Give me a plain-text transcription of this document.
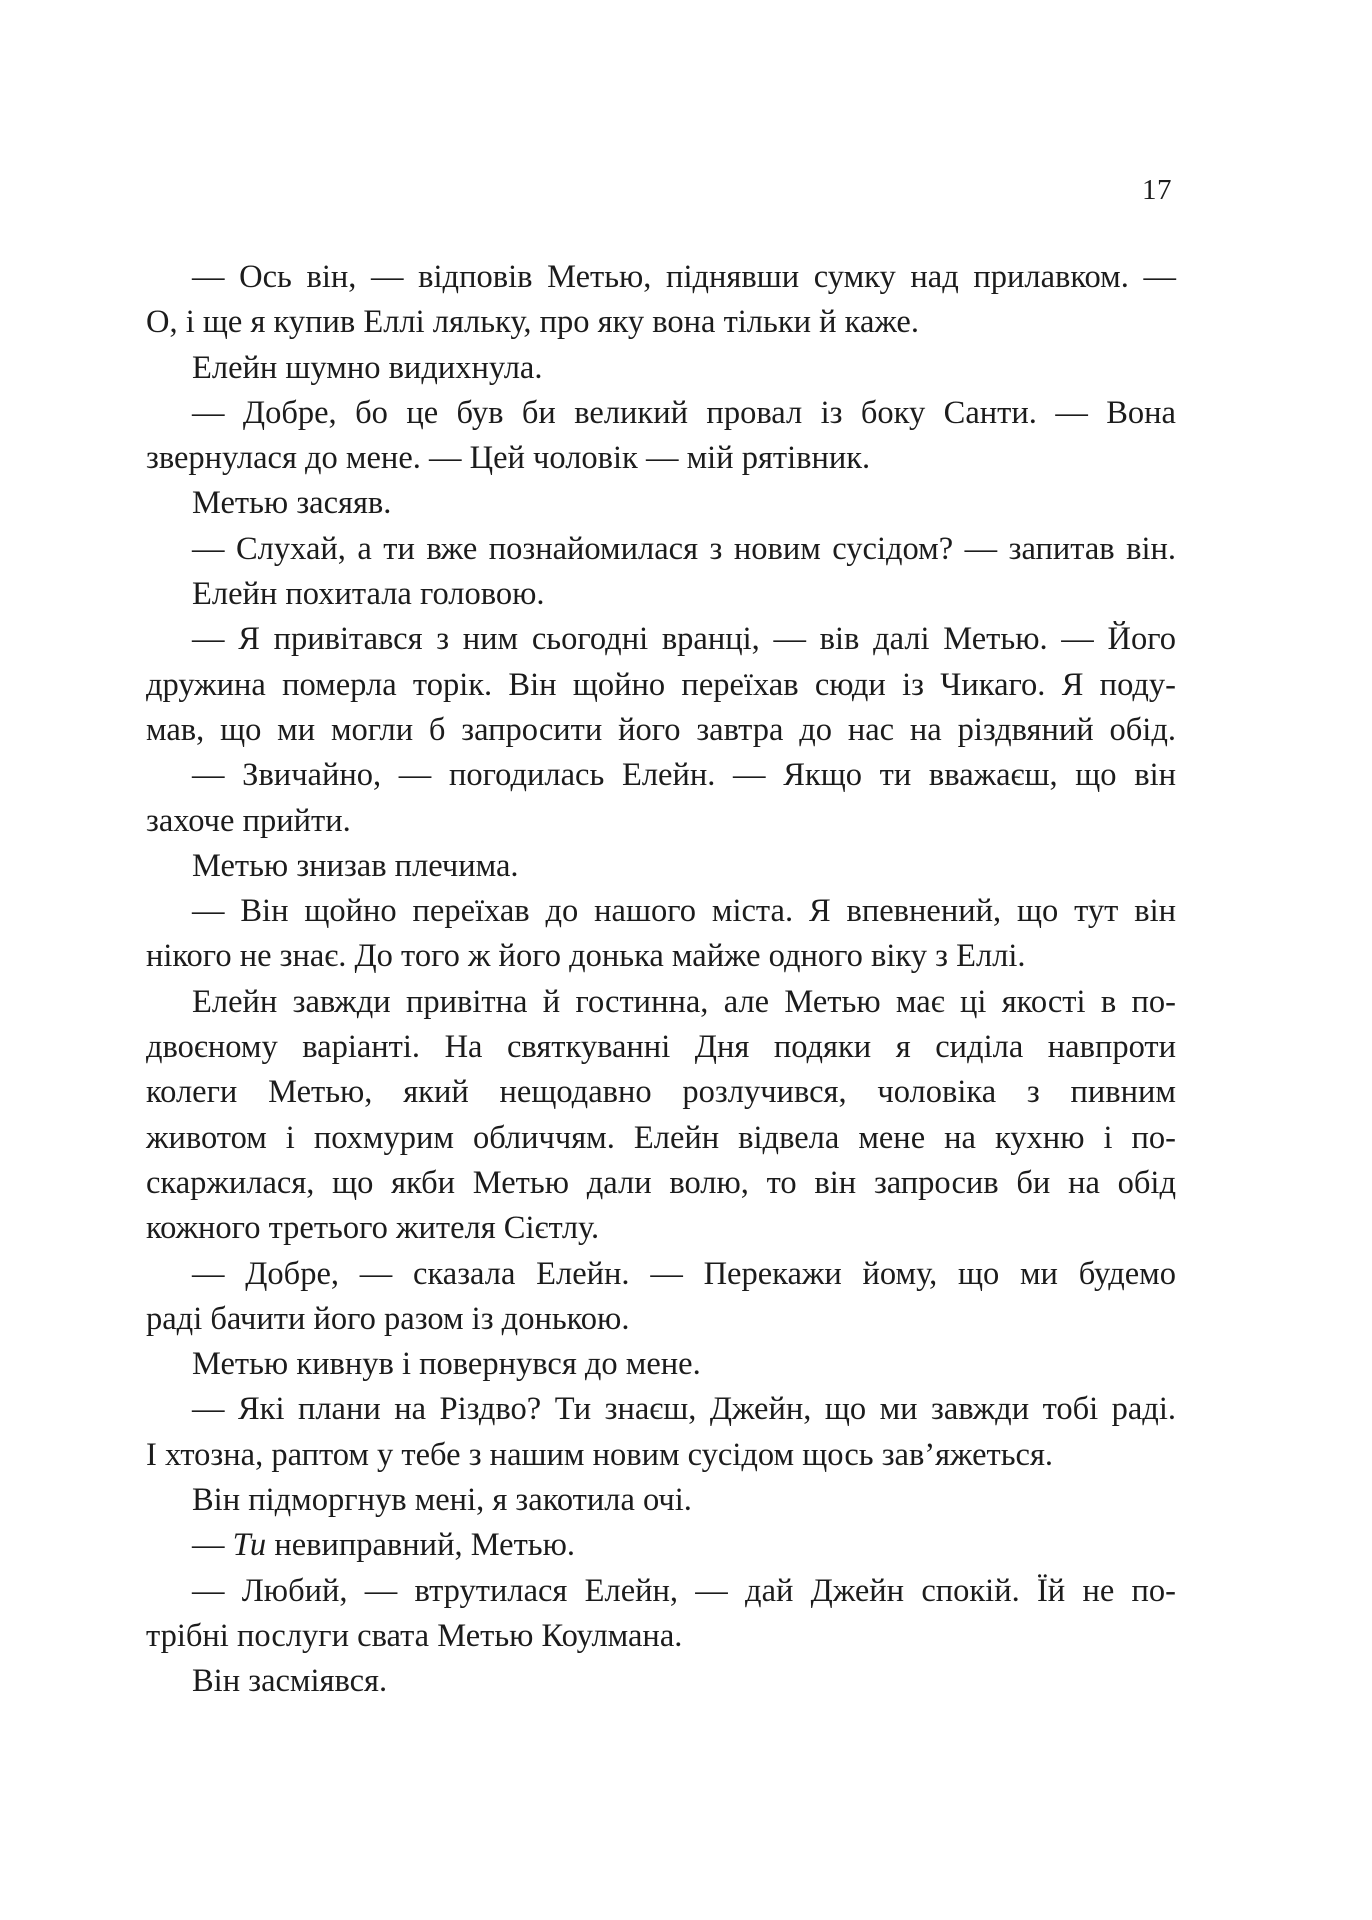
17
— Ось він, — відповів Метью, піднявши сумку над прилавком. —
О, і ще я купив Еллі ляльку, про яку вона тільки й каже.
Елейн шумно видихнула.
— Добре, бо це був би великий провал із боку Санти. — Вона
звернулася до мене. — Цей чоловік — мій рятівник.
Метью засяяв.
— Слухай, а ти вже познайомилася з новим сусідом? — запитав він.
Елейн похитала головою.
— Я привітався з ним сьогодні вранці, — вів далі Метью. — Його
дружина померла торік. Він щойно переїхав сюди із Чикаго. Я поду-
мав, що ми могли б запросити його завтра до нас на різдвяний обід.
— Звичайно, — погодилась Елейн. — Якщо ти вважаєш, що він
захоче прийти.
Метью знизав плечима.
— Він щойно переїхав до нашого міста. Я впевнений, що тут він
нікого не знає. До того ж його донька майже одного віку з Еллі.
Елейн завжди привітна й гостинна, але Метью має ці якості в по-
двоєному варіанті. На святкуванні Дня подяки я сиділа навпроти
колеги Метью, який нещодавно розлучився, чоловіка з пивним
животом і похмурим обличчям. Елейн відвела мене на кухню і по-
скаржилася, що якби Метью дали волю, то він запросив би на обід
кожного третього жителя Сієтлу.
— Добре, — сказала Елейн. — Перекажи йому, що ми будемо
раді бачити його разом із донькою.
Метью кивнув і повернувся до мене.
— Які плани на Різдво? Ти знаєш, Джейн, що ми завжди тобі раді.
І хтозна, раптом у тебе з нашим новим сусідом щось зав’яжеться.
Він підморгнув мені, я закотила очі.
— Ти невиправний, Метью.
— Любий, — втрутилася Елейн, — дай Джейн спокій. Їй не по-
трібні послуги свата Метью Коулмана.
Він засміявся.
